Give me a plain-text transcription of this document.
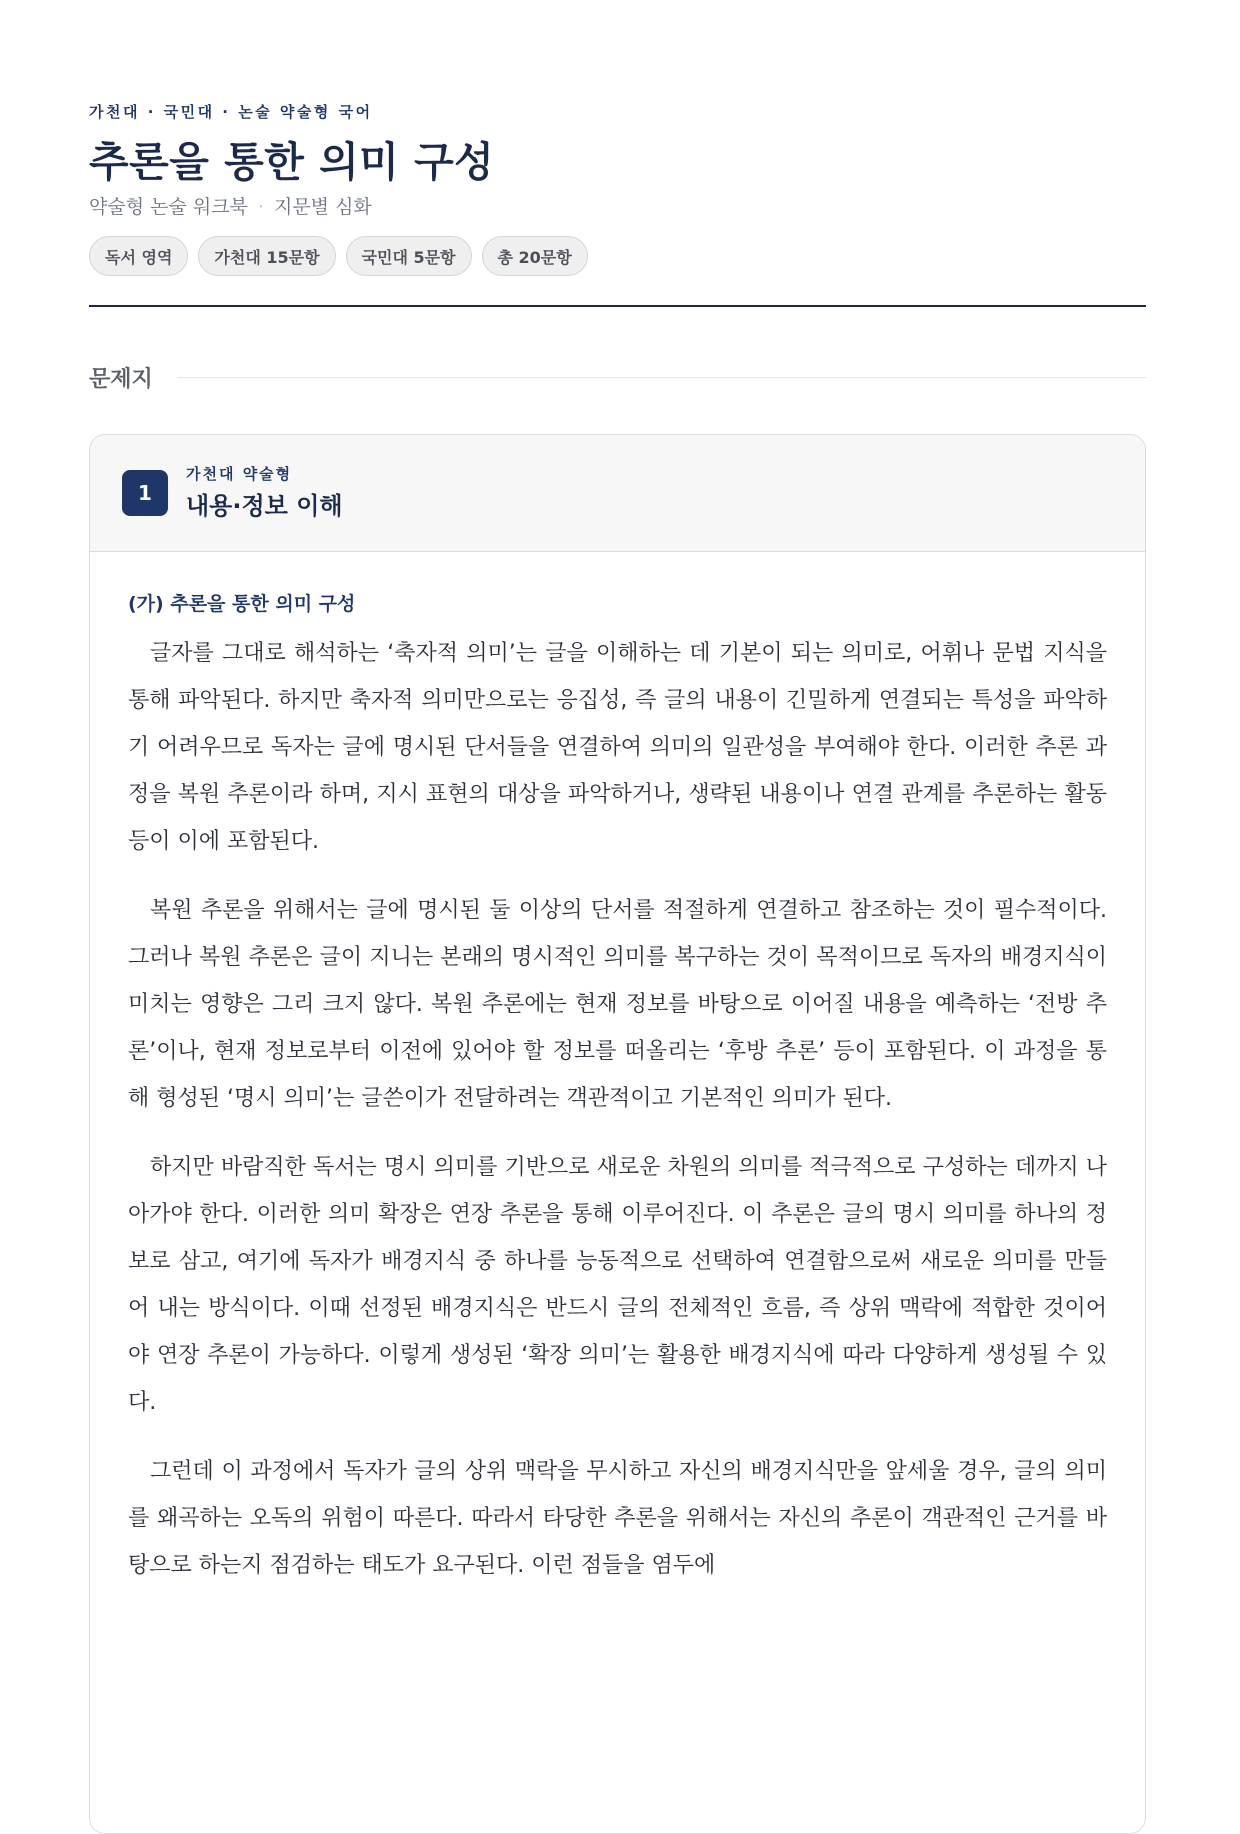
가천대 · 국민대 · 논술 약술형 국어
추론을 통한 의미 구성
약술형 논술 워크북 · 지문별 심화
독서 영역	가천대 15문항	국민대 5문항	총 20문항
문제지
1
가천대 약술형
내용·정보 이해
(가) 추론을 통한 의미 구성

글자를 그대로 해석하는 ‘축자적 의미’는 글을 이해하는 데 기본이 되는 의미로, 어휘나 문법 지식을 통해 파악된다. 하지만 축자적 의미만으로는 응집성, 즉 글의 내용이 긴밀하게 연결되는 특성을 파악하기 어려우므로 독자는 글에 명시된 단서들을 연결하여 의미의 일관성을 부여해야 한다. 이러한 추론 과정을 복원 추론이라 하며, 지시 표현의 대상을 파악하거나, 생략된 내용이나 연결 관계를 추론하는 활동 등이 이에 포함된다.

복원 추론을 위해서는 글에 명시된 둘 이상의 단서를 적절하게 연결하고 참조하는 것이 필수적이다. 그러나 복원 추론은 글이 지니는 본래의 명시적인 의미를 복구하는 것이 목적이므로 독자의 배경지식이 미치는 영향은 그리 크지 않다. 복원 추론에는 현재 정보를 바탕으로 이어질 내용을 예측하는 ‘전방 추론’이나, 현재 정보로부터 이전에 있어야 할 정보를 떠올리는 ‘후방 추론’ 등이 포함된다. 이 과정을 통해 형성된 ‘명시 의미’는 글쓴이가 전달하려는 객관적이고 기본적인 의미가 된다.

하지만 바람직한 독서는 명시 의미를 기반으로 새로운 차원의 의미를 적극적으로 구성하는 데까지 나아가야 한다. 이러한 의미 확장은 연장 추론을 통해 이루어진다. 이 추론은 글의 명시 의미를 하나의 정보로 삼고, 여기에 독자가 배경지식 중 하나를 능동적으로 선택하여 연결함으로써 새로운 의미를 만들어 내는 방식이다. 이때 선정된 배경지식은 반드시 글의 전체적인 흐름, 즉 상위 맥락에 적합한 것이어야 연장 추론이 가능하다. 이렇게 생성된 ‘확장 의미’는 활용한 배경지식에 따라 다양하게 생성될 수 있다.

그런데 이 과정에서 독자가 글의 상위 맥락을 무시하고 자신의 배경지식만을 앞세울 경우, 글의 의미를 왜곡하는 오독의 위험이 따른다. 따라서 타당한 추론을 위해서는 자신의 추론이 객관적인 근거를 바탕으로 하는지 점검하는 태도가 요구된다. 이런 점들을 염두에
